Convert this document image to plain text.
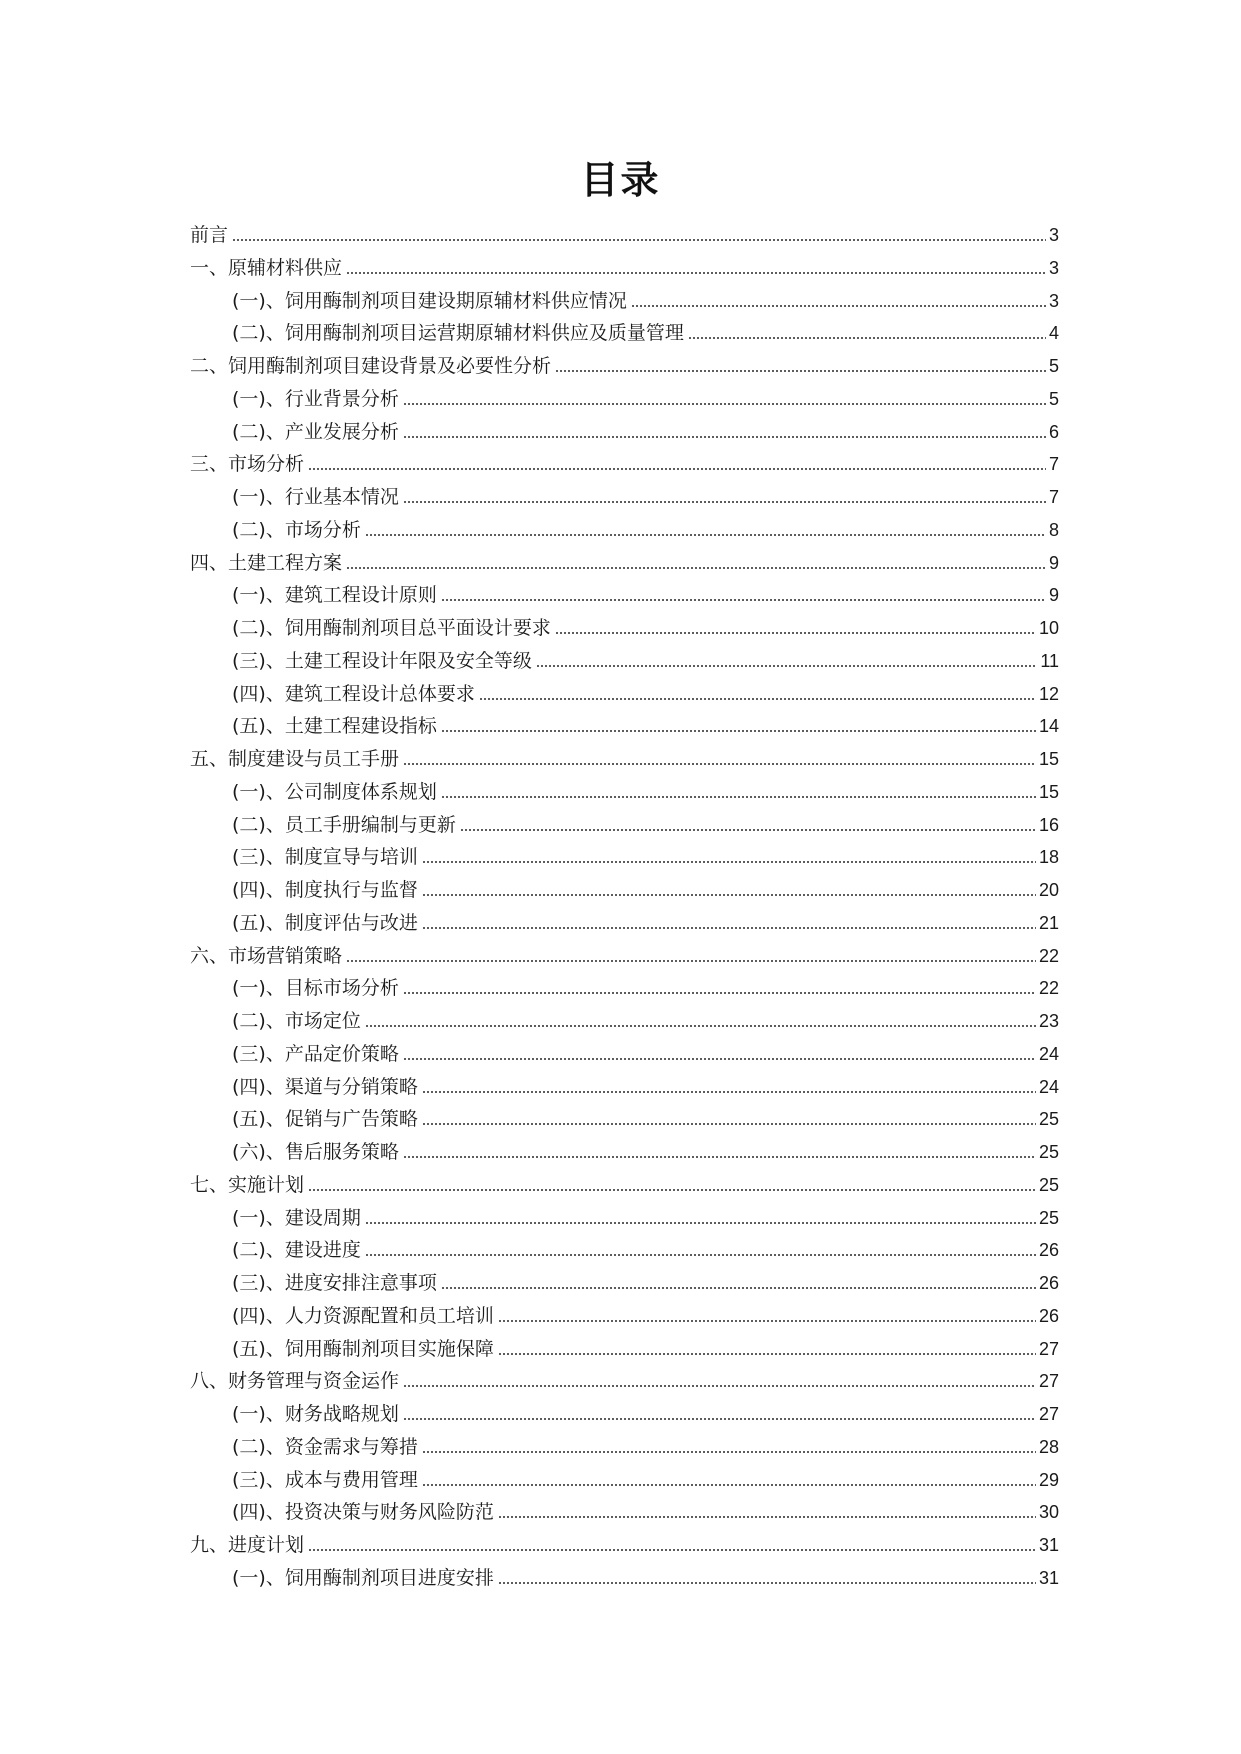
目录
前言	3
一、原辅材料供应	3
(一)、饲用酶制剂项目建设期原辅材料供应情况	3
(二)、饲用酶制剂项目运营期原辅材料供应及质量管理	4
二、饲用酶制剂项目建设背景及必要性分析	5
(一)、行业背景分析	5
(二)、产业发展分析	6
三、市场分析	7
(一)、行业基本情况	7
(二)、市场分析	8
四、土建工程方案	9
(一)、建筑工程设计原则	9
(二)、饲用酶制剂项目总平面设计要求	10
(三)、土建工程设计年限及安全等级	11
(四)、建筑工程设计总体要求	12
(五)、土建工程建设指标	14
五、制度建设与员工手册	15
(一)、公司制度体系规划	15
(二)、员工手册编制与更新	16
(三)、制度宣导与培训	18
(四)、制度执行与监督	20
(五)、制度评估与改进	21
六、市场营销策略	22
(一)、目标市场分析	22
(二)、市场定位	23
(三)、产品定价策略	24
(四)、渠道与分销策略	24
(五)、促销与广告策略	25
(六)、售后服务策略	25
七、实施计划	25
(一)、建设周期	25
(二)、建设进度	26
(三)、进度安排注意事项	26
(四)、人力资源配置和员工培训	26
(五)、饲用酶制剂项目实施保障	27
八、财务管理与资金运作	27
(一)、财务战略规划	27
(二)、资金需求与筹措	28
(三)、成本与费用管理	29
(四)、投资决策与财务风险防范	30
九、进度计划	31
(一)、饲用酶制剂项目进度安排	31
